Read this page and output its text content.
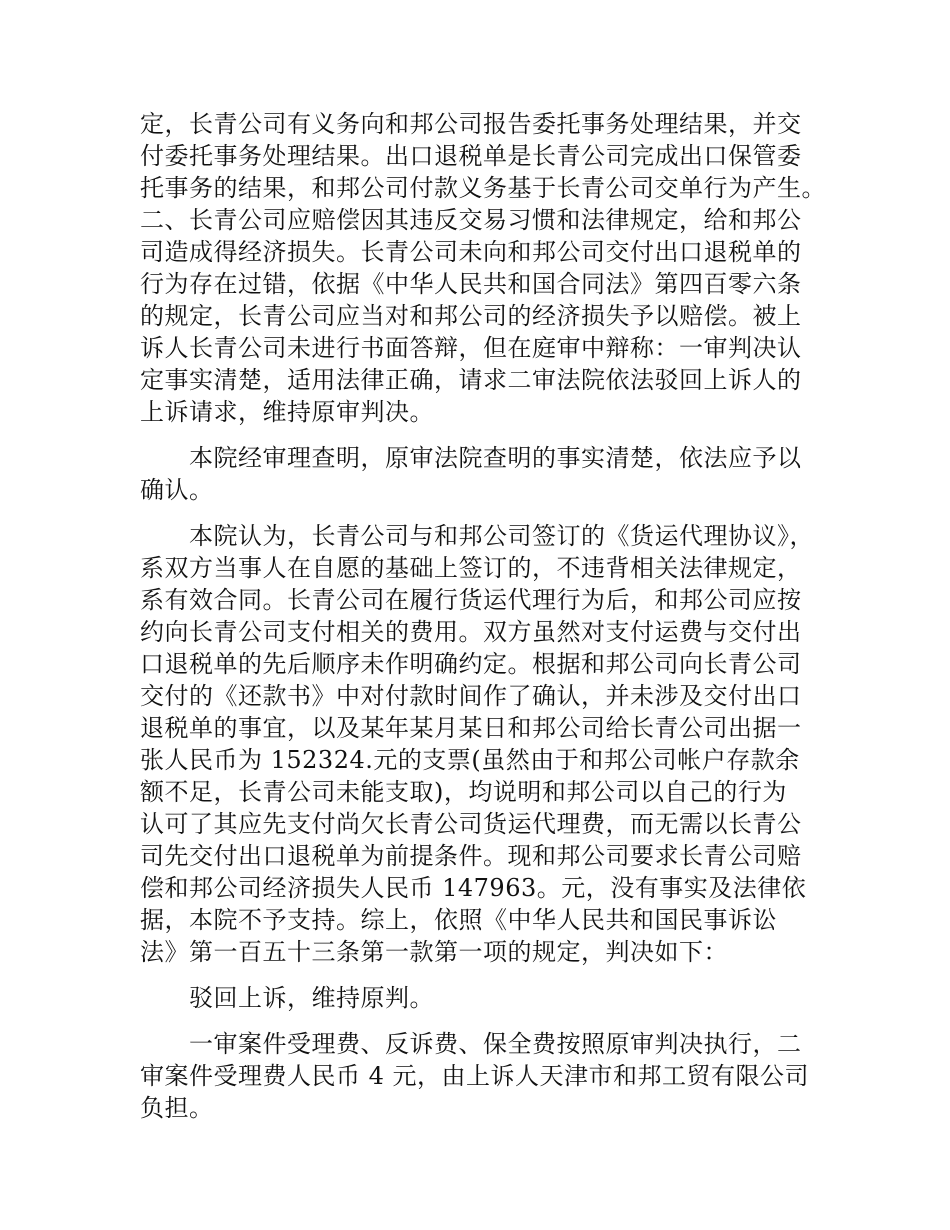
定，长青公司有义务向和邦公司报告委托事务处理结果，并交
付委托事务处理结果。出口退税单是长青公司完成出口保管委
托事务的结果，和邦公司付款义务基于长青公司交单行为产生。
二、长青公司应赔偿因其违反交易习惯和法律规定，给和邦公
司造成得经济损失。长青公司未向和邦公司交付出口退税单的
行为存在过错，依据《中华人民共和国合同法》第四百零六条
的规定，长青公司应当对和邦公司的经济损失予以赔偿。被上
诉人长青公司未进行书面答辩，但在庭审中辩称：一审判决认
定事实清楚，适用法律正确，请求二审法院依法驳回上诉人的
上诉请求，维持原审判决。

　　本院经审理查明，原审法院查明的事实清楚，依法应予以
确认。

　　本院认为，长青公司与和邦公司签订的《货运代理协议》，
系双方当事人在自愿的基础上签订的，不违背相关法律规定，
系有效合同。长青公司在履行货运代理行为后，和邦公司应按
约向长青公司支付相关的费用。双方虽然对支付运费与交付出
口退税单的先后顺序未作明确约定。根据和邦公司向长青公司
交付的《还款书》中对付款时间作了确认，并未涉及交付出口
退税单的事宜，以及某年某月某日和邦公司给长青公司出据一
张人民币为 152324.元的支票(虽然由于和邦公司帐户存款余
额不足，长青公司未能支取)，均说明和邦公司以自己的行为
认可了其应先支付尚欠长青公司货运代理费，而无需以长青公
司先交付出口退税单为前提条件。现和邦公司要求长青公司赔
偿和邦公司经济损失人民币 147963。元，没有事实及法律依
据，本院不予支持。综上，依照《中华人民共和国民事诉讼
法》第一百五十三条第一款第一项的规定，判决如下：

　　驳回上诉，维持原判。

　　一审案件受理费、反诉费、保全费按照原审判决执行，二
审案件受理费人民币 4 元，由上诉人天津市和邦工贸有限公司
负担。
